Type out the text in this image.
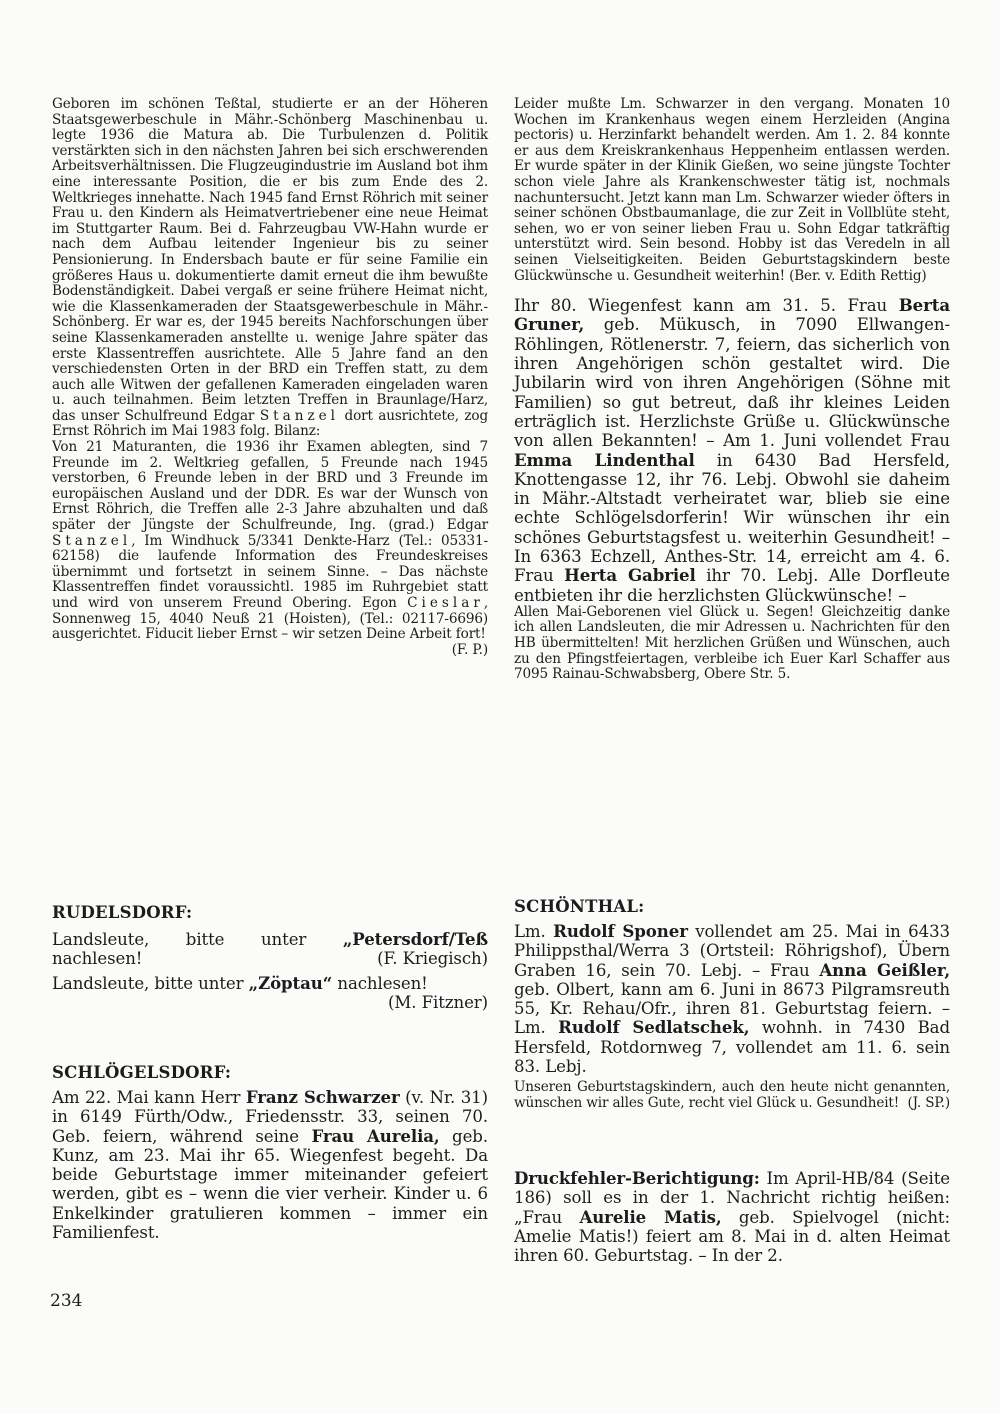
Geboren im schönen Teßtal, studierte er an der Höheren Staatsgewerbeschule in Mähr.-Schönberg Maschinenbau u. legte 1936 die Matura ab. Die Turbulenzen d. Politik verstärkten sich in den nächsten Jahren bei sich erschwerenden Arbeitsverhältnissen. Die Flugzeugindustrie im Ausland bot ihm eine interessante Position, die er bis zum Ende des 2. Weltkrieges innehatte. Nach 1945 fand Ernst Röhrich mit seiner Frau u. den Kindern als Heimatvertriebener eine neue Heimat im Stuttgarter Raum. Bei d. Fahrzeugbau VW-Hahn wurde er nach dem Aufbau leitender Ingenieur bis zu seiner Pensionierung. In Endersbach baute er für seine Familie ein größeres Haus u. dokumentierte damit erneut die ihm bewußte Bodenständigkeit. Dabei vergaß er seine frühere Heimat nicht, wie die Klassenkameraden der Staatsgewerbeschule in Mähr.-Schönberg. Er war es, der 1945 bereits Nachforschungen über seine Klassenkameraden anstellte u. wenige Jahre später das erste Klassentreffen ausrichtete. Alle 5 Jahre fand an den verschiedensten Orten in der BRD ein Treffen statt, zu dem auch alle Witwen der gefallenen Kameraden eingeladen waren u. auch teilnahmen. Beim letzten Treffen in Braunlage/Harz, das unser Schulfreund Edgar Stanzel dort ausrichtete, zog Ernst Röhrich im Mai 1983 folg. Bilanz:

Von 21 Maturanten, die 1936 ihr Examen ablegten, sind 7 Freunde im 2. Weltkrieg gefallen, 5 Freunde nach 1945 verstorben, 6 Freunde leben in der BRD und 3 Freunde im europäischen Ausland und der DDR. Es war der Wunsch von Ernst Röhrich, die Treffen alle 2-3 Jahre abzuhalten und daß später der Jüngste der Schulfreunde, Ing. (grad.) Edgar Stanzel, Im Windhuck 5/3341 Denkte-Harz (Tel.: 05331-62158) die laufende Information des Freundeskreises übernimmt und fortsetzt in seinem Sinne. – Das nächste Klassentreffen findet voraussichtl. 1985 im Ruhrgebiet statt und wird von unserem Freund Obering. Egon Cieslar, Sonnenweg 15, 4040 Neuß 21 (Hoisten), (Tel.: 02117-6696) ausgerichtet. Fiducit lieber Ernst – wir setzen Deine Arbeit fort!
(F. P.)

RUDELSDORF:

Landsleute, bitte unter „Petersdorf/Teß nachlesen!	(F. Kriegisch)

Landsleute, bitte unter „Zöptau“ nachlesen!

(M. Fitzner)

SCHLÖGELSDORF:

Am 22. Mai kann Herr Franz Schwarzer (v. Nr. 31) in 6149 Fürth/Odw., Friedensstr. 33, seinen 70. Geb. feiern, während seine Frau Aurelia, geb. Kunz, am 23. Mai ihr 65. Wiegenfest begeht. Da beide Geburtstage immer miteinander gefeiert werden, gibt es – wenn die vier verheir. Kinder u. 6 Enkelkinder gratulieren kommen – immer ein Familienfest.

Leider mußte Lm. Schwarzer in den vergang. Monaten 10 Wochen im Krankenhaus wegen einem Herzleiden (Angina pectoris) u. Herzinfarkt behandelt werden. Am 1. 2. 84 konnte er aus dem Kreiskrankenhaus Heppenheim entlassen werden. Er wurde später in der Klinik Gießen, wo seine jüngste Tochter schon viele Jahre als Krankenschwester tätig ist, nochmals nachuntersucht. Jetzt kann man Lm. Schwarzer wieder öfters in seiner schönen Obstbaumanlage, die zur Zeit in Vollblüte steht, sehen, wo er von seiner lieben Frau u. Sohn Edgar tatkräftig unterstützt wird. Sein besond. Hobby ist das Veredeln in all seinen Vielseitigkeiten. Beiden Geburtstagskindern beste Glückwünsche u. Gesundheit weiterhin! (Ber. v. Edith Rettig)

Ihr 80. Wiegenfest kann am 31. 5. Frau Berta Gruner, geb. Mükusch, in 7090 Ellwangen-Röhlingen, Rötlenerstr. 7, feiern, das sicherlich von ihren Angehörigen schön gestaltet wird. Die Jubilarin wird von ihren Angehörigen (Söhne mit Familien) so gut betreut, daß ihr kleines Leiden erträglich ist. Herzlichste Grüße u. Glückwünsche von allen Bekannten! – Am 1. Juni vollendet Frau Emma Lindenthal in 6430 Bad Hersfeld, Knottengasse 12, ihr 76. Lebj. Obwohl sie daheim in Mähr.-Altstadt verheiratet war, blieb sie eine echte Schlögelsdorferin! Wir wünschen ihr ein schönes Geburtstagsfest u. weiterhin Gesundheit! – In 6363 Echzell, Anthes-Str. 14, erreicht am 4. 6. Frau Herta Gabriel ihr 70. Lebj. Alle Dorfleute entbieten ihr die herzlichsten Glückwünsche! –

Allen Mai-Geborenen viel Glück u. Segen! Gleichzeitig danke ich allen Landsleuten, die mir Adressen u. Nachrichten für den HB übermittelten! Mit herzlichen Grüßen und Wünschen, auch zu den Pfingstfeiertagen, verbleibe ich Euer Karl Schaffer aus 7095 Rainau-Schwabsberg, Obere Str. 5.

SCHÖNTHAL:

Lm. Rudolf Sponer vollendet am 25. Mai in 6433 Philippsthal/Werra 3 (Ortsteil: Röhrigshof), Übern Graben 16, sein 70. Lebj. – Frau Anna Geißler, geb. Olbert, kann am 6. Juni in 8673 Pilgramsreuth 55, Kr. Rehau/Ofr., ihren 81. Geburtstag feiern. – Lm. Rudolf Sedlatschek, wohnh. in 7430 Bad Hersfeld, Rotdornweg 7, vollendet am 11. 6. sein 83. Lebj.

Unseren Geburtstagskindern, auch den heute nicht genannten, wünschen wir alles Gute, recht viel Glück u. Gesundheit! (J. SP.)

Druckfehler-Berichtigung: Im April-HB/84 (Seite 186) soll es in der 1. Nachricht richtig heißen: „Frau Aurelie Matis, geb. Spielvogel (nicht: Amelie Matis!) feiert am 8. Mai in d. alten Heimat ihren 60. Geburtstag. – In der 2.

234
